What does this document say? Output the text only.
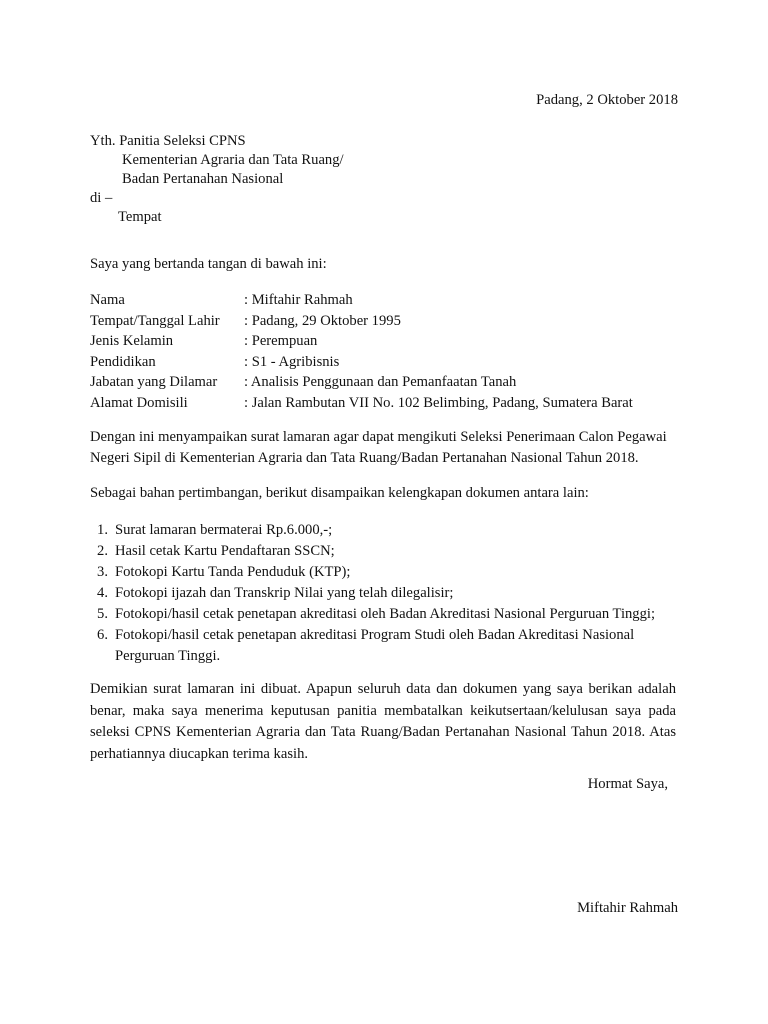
Padang, 2 Oktober 2018
Yth. Panitia Seleksi CPNS
Kementerian Agraria dan Tata Ruang/
Badan Pertanahan Nasional
di –
Tempat
Saya yang bertanda tangan di bawah ini:
Nama	: Miftahir Rahmah
Tempat/Tanggal Lahir	: Padang, 29 Oktober 1995
Jenis Kelamin	: Perempuan
Pendidikan	: S1 - Agribisnis
Jabatan yang Dilamar	: Analisis Penggunaan dan Pemanfaatan Tanah
Alamat Domisili	: Jalan Rambutan VII No. 102 Belimbing, Padang, Sumatera Barat
Dengan ini menyampaikan surat lamaran agar dapat mengikuti Seleksi Penerimaan Calon Pegawai Negeri Sipil di Kementerian Agraria dan Tata Ruang/Badan Pertanahan Nasional Tahun 2018.
Sebagai bahan pertimbangan, berikut disampaikan kelengkapan dokumen antara lain:
1. Surat lamaran bermaterai Rp.6.000,-;
2. Hasil cetak Kartu Pendaftaran SSCN;
3. Fotokopi Kartu Tanda Penduduk (KTP);
4. Fotokopi ijazah dan Transkrip Nilai yang telah dilegalisir;
5. Fotokopi/hasil cetak penetapan akreditasi oleh Badan Akreditasi Nasional Perguruan Tinggi;
6. Fotokopi/hasil cetak penetapan akreditasi Program Studi oleh Badan Akreditasi Nasional
Perguruan Tinggi.
Demikian surat lamaran ini dibuat. Apapun seluruh data dan dokumen yang saya berikan adalah benar, maka saya menerima keputusan panitia membatalkan keikutsertaan/kelulusan saya pada seleksi CPNS Kementerian Agraria dan Tata Ruang/Badan Pertanahan Nasional Tahun 2018. Atas perhatiannya diucapkan terima kasih.
Hormat Saya,
Miftahir Rahmah
